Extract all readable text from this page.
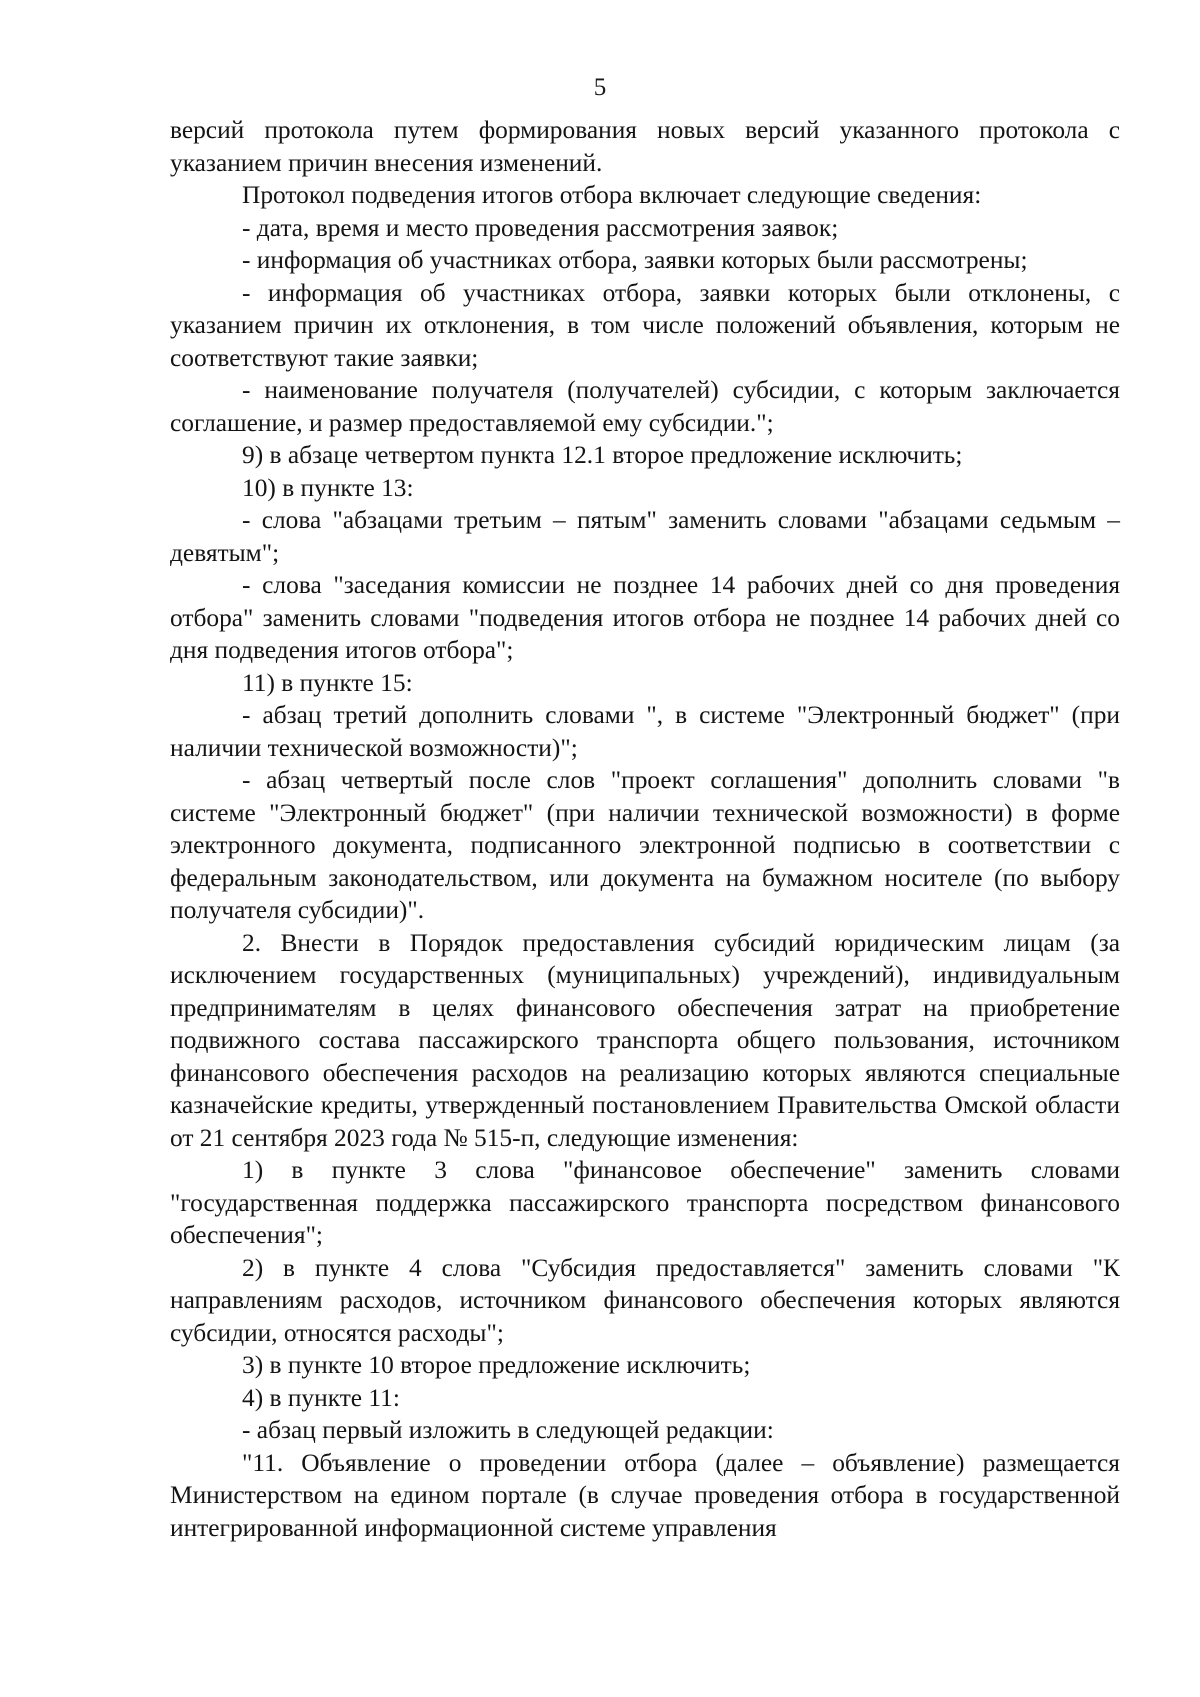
5

версий протокола путем формирования новых версий указанного протокола с указанием причин внесения изменений.

Протокол подведения итогов отбора включает следующие сведения:

- дата, время и место проведения рассмотрения заявок;

- информация об участниках отбора, заявки которых были рассмотрены;

- информация об участниках отбора, заявки которых были отклонены, с указанием причин их отклонения, в том числе положений объявления, которым не соответствуют такие заявки;

- наименование получателя (получателей) субсидии, с которым заключается соглашение, и размер предоставляемой ему субсидии.";

9) в абзаце четвертом пункта 12.1 второе предложение исключить;

10) в пункте 13:

- слова "абзацами третьим – пятым" заменить словами "абзацами седьмым – девятым";

- слова "заседания комиссии не позднее 14 рабочих дней со дня проведения отбора" заменить словами "подведения итогов отбора не позднее 14 рабочих дней со дня подведения итогов отбора";

11) в пункте 15:

- абзац третий дополнить словами ", в системе "Электронный бюджет" (при наличии технической возможности)";

- абзац четвертый после слов "проект соглашения" дополнить словами "в системе "Электронный бюджет" (при наличии технической возможности) в форме электронного документа, подписанного электронной подписью в соответствии с федеральным законодательством, или документа на бумажном носителе (по выбору получателя субсидии)".

2. Внести в Порядок предоставления субсидий юридическим лицам (за исключением государственных (муниципальных) учреждений), индивидуальным предпринимателям в целях финансового обеспечения затрат на приобретение подвижного состава пассажирского транспорта общего пользования, источником финансового обеспечения расходов на реализацию которых являются специальные казначейские кредиты, утвержденный постановлением Правительства Омской области от 21 сентября 2023 года № 515-п, следующие изменения:

1) в пункте 3 слова "финансовое обеспечение" заменить словами "государственная поддержка пассажирского транспорта посредством финансового обеспечения";

2) в пункте 4 слова "Субсидия предоставляется" заменить словами "К направлениям расходов, источником финансового обеспечения которых являются субсидии, относятся расходы";

3) в пункте 10 второе предложение исключить;

4) в пункте 11:

- абзац первый изложить в следующей редакции:

"11. Объявление о проведении отбора (далее – объявление) размещается Министерством на едином портале (в случае проведения отбора в государственной интегрированной информационной системе управления
